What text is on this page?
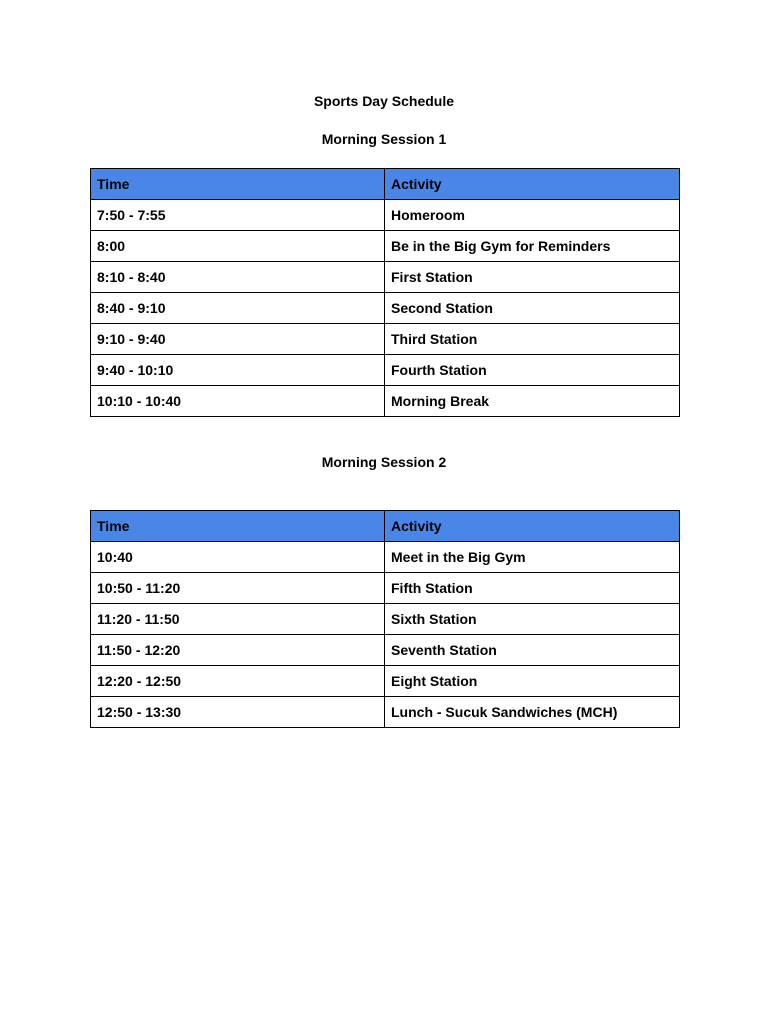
Sports Day Schedule
Morning Session 1
Time	Activity
7:50 - 7:55	Homeroom
8:00	Be in the Big Gym for Reminders
8:10 - 8:40	First Station
8:40 - 9:10	Second Station
9:10 - 9:40	Third Station
9:40 - 10:10	Fourth Station
10:10 - 10:40	Morning Break
Morning Session 2
Time	Activity
10:40	Meet in the Big Gym
10:50 - 11:20	Fifth Station
11:20 - 11:50	Sixth Station
11:50 - 12:20	Seventh Station
12:20 - 12:50	Eight Station
12:50 - 13:30	Lunch - Sucuk Sandwiches (MCH)
